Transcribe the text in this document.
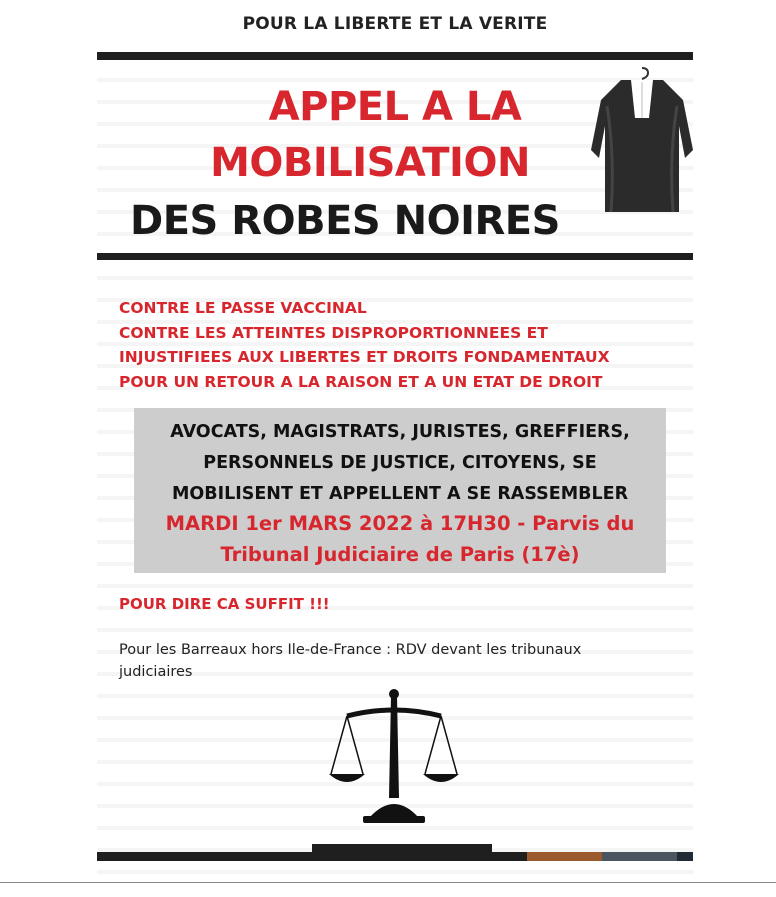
POUR LA LIBERTE ET LA VERITE
APPEL A LA
MOBILISATION
DES ROBES NOIRES
CONTRE LE PASSE VACCINAL
CONTRE LES ATTEINTES DISPROPORTIONNEES ET
INJUSTIFIEES AUX LIBERTES ET DROITS FONDAMENTAUX
POUR UN RETOUR A LA RAISON ET A UN ETAT DE DROIT
AVOCATS, MAGISTRATS, JURISTES, GREFFIERS,
PERSONNELS DE JUSTICE, CITOYENS, SE
MOBILISENT ET APPELLENT A SE RASSEMBLER
MARDI 1er MARS 2022 à 17H30 - Parvis du
Tribunal Judiciaire de Paris (17è)
POUR DIRE CA SUFFIT !!!
Pour les Barreaux hors Ile-de-France : RDV devant les tribunaux
judiciaires
